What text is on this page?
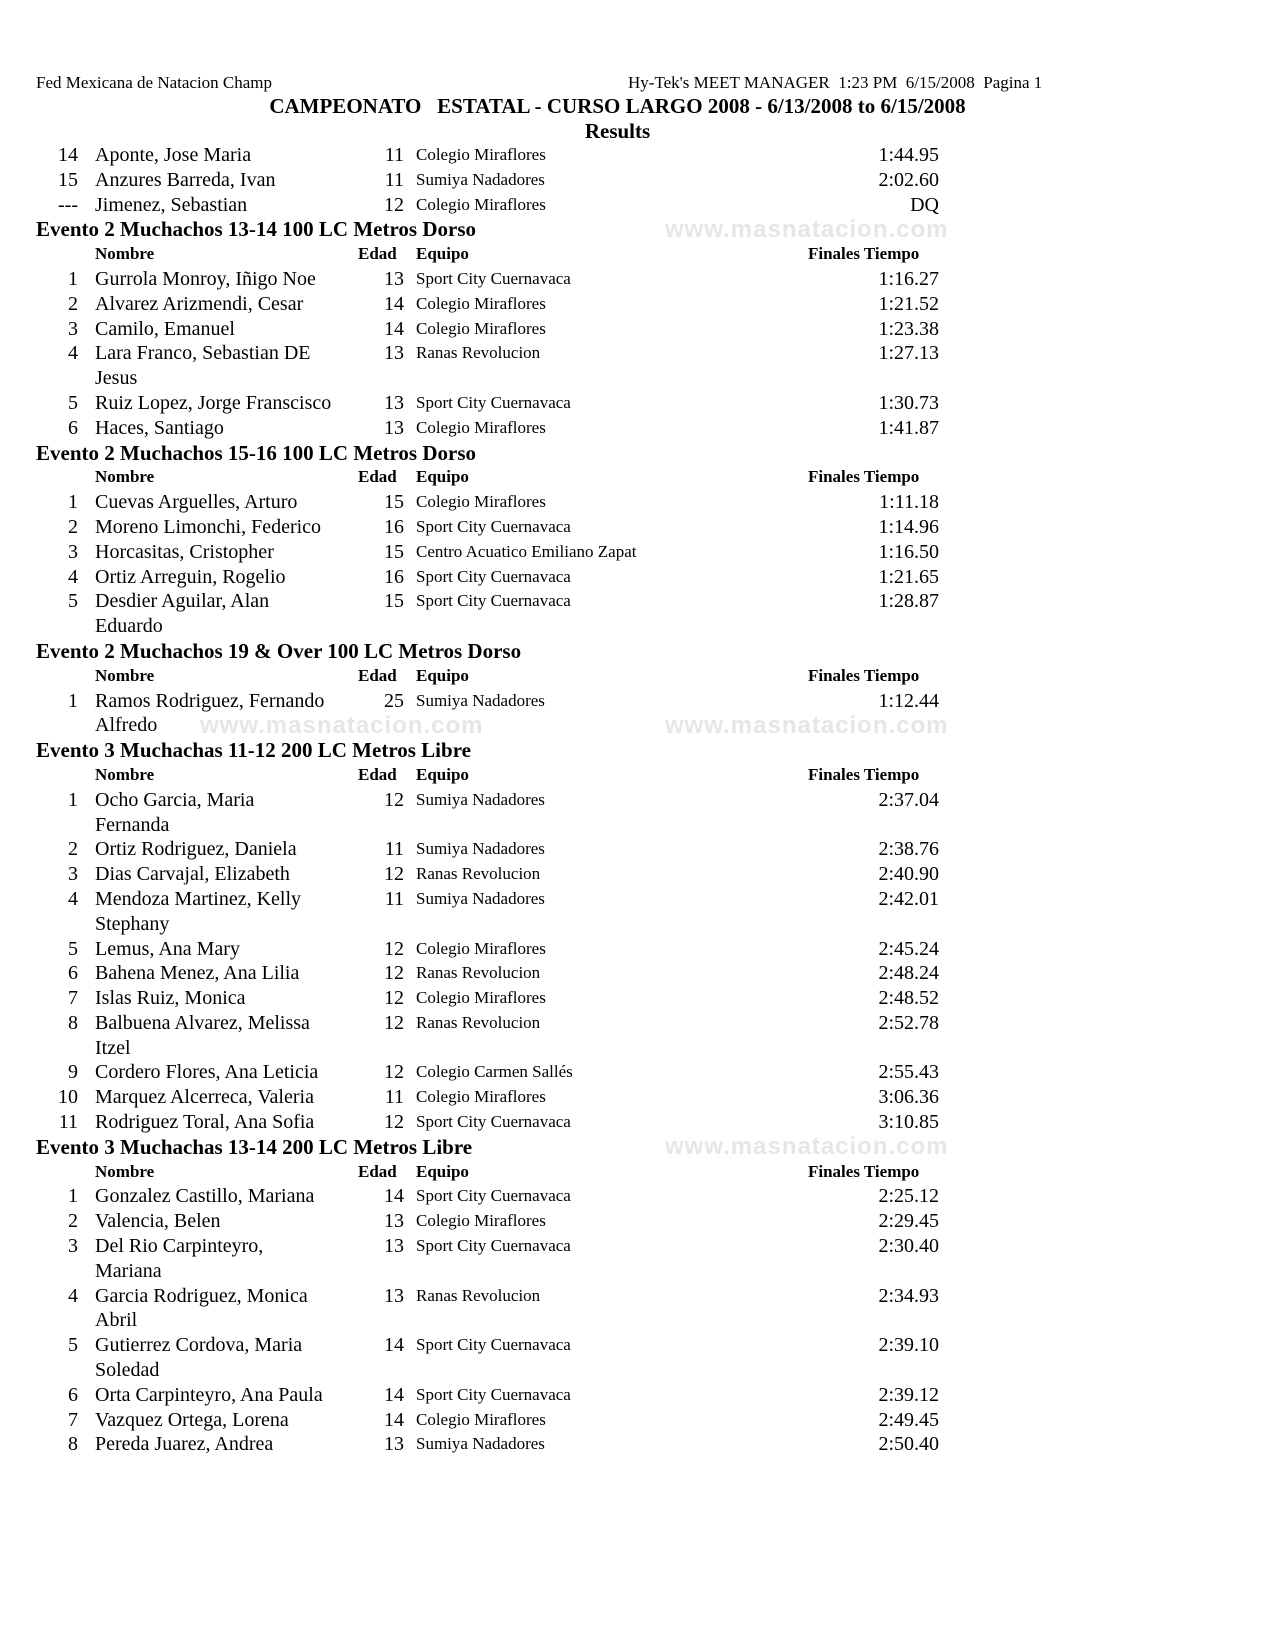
Fed Mexicana de Natacion Champ	Hy-Tek's MEET MANAGER  1:23 PM  6/15/2008  Pagina 1
CAMPEONATO   ESTATAL - CURSO LARGO 2008 - 6/13/2008 to 6/15/2008
Results
www.masnatacion.com
www.masnatacion.com	www.masnatacion.com
www.masnatacion.com
14 Aponte, Jose Maria	11 Colegio Miraflores	1:44.95
15 Anzures Barreda, Ivan	11 Sumiya Nadadores	2:02.60
--- Jimenez, Sebastian	12 Colegio Miraflores	DQ
Evento 2 Muchachos 13-14 100 LC Metros Dorso
Nombre	Edad Equipo	Finales Tiempo
1 Gurrola Monroy, Iñigo Noe	13 Sport City Cuernavaca	1:16.27
2 Alvarez Arizmendi, Cesar	14 Colegio Miraflores	1:21.52
3 Camilo, Emanuel	14 Colegio Miraflores	1:23.38
4 Lara Franco, Sebastian DE	13 Ranas Revolucion	1:27.13
Jesus
5 Ruiz Lopez, Jorge Franscisco	13 Sport City Cuernavaca	1:30.73
6 Haces, Santiago	13 Colegio Miraflores	1:41.87
Evento 2 Muchachos 15-16 100 LC Metros Dorso
Nombre	Edad Equipo	Finales Tiempo
1 Cuevas Arguelles, Arturo	15 Colegio Miraflores	1:11.18
2 Moreno Limonchi, Federico	16 Sport City Cuernavaca	1:14.96
3 Horcasitas, Cristopher	15 Centro Acuatico Emiliano Zapat	1:16.50
4 Ortiz Arreguin, Rogelio	16 Sport City Cuernavaca	1:21.65
5 Desdier Aguilar, Alan	15 Sport City Cuernavaca	1:28.87
Eduardo
Evento 2 Muchachos 19 & Over 100 LC Metros Dorso
Nombre	Edad Equipo	Finales Tiempo
1 Ramos Rodriguez, Fernando	25 Sumiya Nadadores	1:12.44
Alfredo
Evento 3 Muchachas 11-12 200 LC Metros Libre
Nombre	Edad Equipo	Finales Tiempo
1 Ocho Garcia, Maria	12 Sumiya Nadadores	2:37.04
Fernanda
2 Ortiz Rodriguez, Daniela	11 Sumiya Nadadores	2:38.76
3 Dias Carvajal, Elizabeth	12 Ranas Revolucion	2:40.90
4 Mendoza Martinez, Kelly	11 Sumiya Nadadores	2:42.01
Stephany
5 Lemus, Ana Mary	12 Colegio Miraflores	2:45.24
6 Bahena Menez, Ana Lilia	12 Ranas Revolucion	2:48.24
7 Islas Ruiz, Monica	12 Colegio Miraflores	2:48.52
8 Balbuena Alvarez, Melissa	12 Ranas Revolucion	2:52.78
Itzel
9 Cordero Flores, Ana Leticia	12 Colegio Carmen Sallés	2:55.43
10 Marquez Alcerreca, Valeria	11 Colegio Miraflores	3:06.36
11 Rodriguez Toral, Ana Sofia	12 Sport City Cuernavaca	3:10.85
Evento 3 Muchachas 13-14 200 LC Metros Libre
Nombre	Edad Equipo	Finales Tiempo
1 Gonzalez Castillo, Mariana	14 Sport City Cuernavaca	2:25.12
2 Valencia, Belen	13 Colegio Miraflores	2:29.45
3 Del Rio Carpinteyro,	13 Sport City Cuernavaca	2:30.40
Mariana
4 Garcia Rodriguez, Monica	13 Ranas Revolucion	2:34.93
Abril
5 Gutierrez Cordova, Maria	14 Sport City Cuernavaca	2:39.10
Soledad
6 Orta Carpinteyro, Ana Paula	14 Sport City Cuernavaca	2:39.12
7 Vazquez Ortega, Lorena	14 Colegio Miraflores	2:49.45
8 Pereda Juarez, Andrea	13 Sumiya Nadadores	2:50.40
